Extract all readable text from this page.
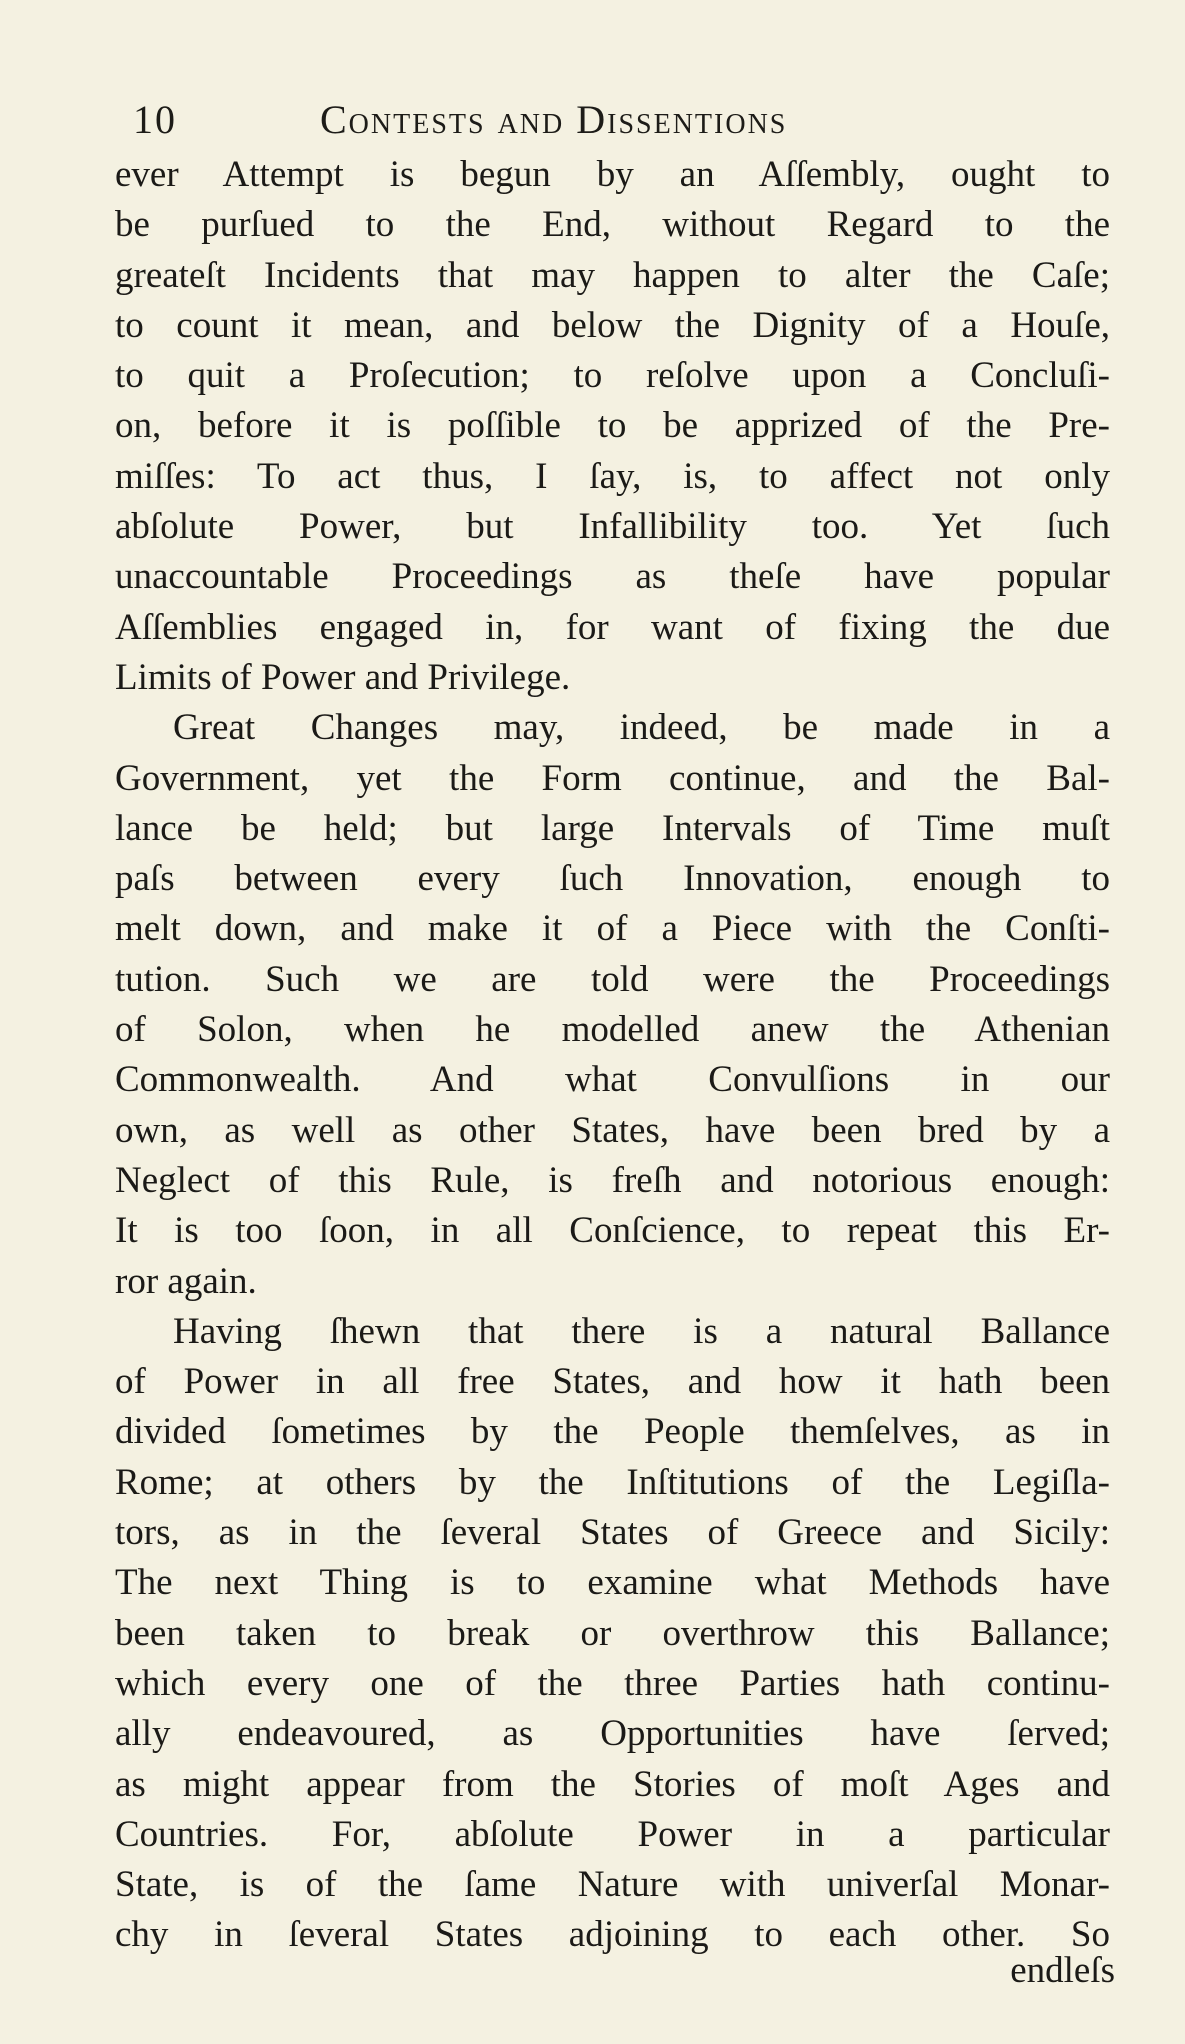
10	Contests and Dissentions
ever Attempt is begun by an Aſſembly, ought to
be purſued to the End, without Regard to the
greateſt Incidents that may happen to alter the Caſe;
to count it mean, and below the Dignity of a Houſe,
to quit a Proſecution; to reſolve upon a Concluſi-
on, before it is poſſible to be apprized of the Pre-
miſſes: To act thus, I ſay, is, to affect not only
abſolute Power, but Infallibility too. Yet ſuch
unaccountable Proceedings as theſe have popular
Aſſemblies engaged in, for want of fixing the due
Limits of Power and Privilege.
Great Changes may, indeed, be made in a
Government, yet the Form continue, and the Bal-
lance be held; but large Intervals of Time muſt
paſs between every ſuch Innovation, enough to
melt down, and make it of a Piece with the Conſti-
tution. Such we are told were the Proceedings
of Solon, when he modelled anew the Athenian
Commonwealth. And what Convulſions in our
own, as well as other States, have been bred by a
Neglect of this Rule, is freſh and notorious enough:
It is too ſoon, in all Conſcience, to repeat this Er-
ror again.
Having ſhewn that there is a natural Ballance
of Power in all free States, and how it hath been
divided ſometimes by the People themſelves, as in
Rome; at others by the Inſtitutions of the Legiſla-
tors, as in the ſeveral States of Greece and Sicily:
The next Thing is to examine what Methods have
been taken to break or overthrow this Ballance;
which every one of the three Parties hath continu-
ally endeavoured, as Opportunities have ſerved;
as might appear from the Stories of moſt Ages and
Countries. For, abſolute Power in a particular
State, is of the ſame Nature with univerſal Monar-
chy in ſeveral States adjoining to each other. So
endleſs
